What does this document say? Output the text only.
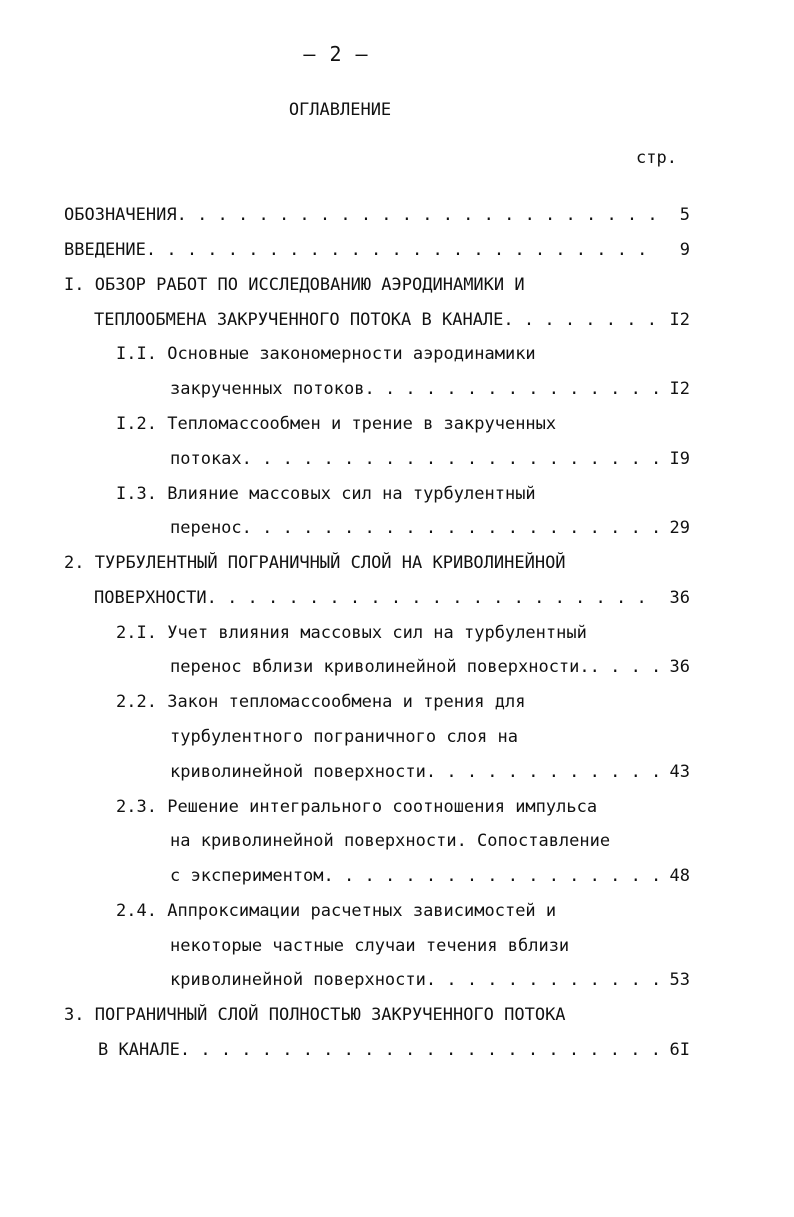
– 2 –
ОГЛАВЛЕНИЕ
стр.
ОБОЗНАЧЕНИЯ . . .	5
ВВЕДЕНИЕ . . .	9
I. ОБЗОР РАБОТ ПО ИССЛЕДОВАНИЮ АЭРОДИНАМИКИ И
ТЕПЛООБМЕНА ЗАКРУЧЕННОГО ПОТОКА В КАНАЛЕ . . .	I2
I.I. Основные закономерности аэродинамики
закрученных потоков . . .	I2
I.2. Тепломассообмен и трение в закрученных
потоках . . .	I9
I.3. Влияние массовых сил на турбулентный
перенос . . .	29
2. ТУРБУЛЕНТНЫЙ ПОГРАНИЧНЫЙ СЛОЙ НА КРИВОЛИНЕЙНОЙ
ПОВЕРХНОСТИ . . .	36
2.I. Учет влияния массовых сил на турбулентный
перенос вблизи криволинейной поверхности. . . .	36
2.2. Закон тепломассообмена и трения для
турбулентного пограничного слоя на
криволинейной поверхности . . .	43
2.3. Решение интегрального соотношения импульса
на криволинейной поверхности. Сопоставление
с экспериментом . . .	48
2.4. Аппроксимации расчетных зависимостей и
некоторые частные случаи течения вблизи
криволинейной поверхности . . .	53
3. ПОГРАНИЧНЫЙ СЛОЙ ПОЛНОСТЬЮ ЗАКРУЧЕННОГО ПОТОКА
В КАНАЛЕ . . .	6I
